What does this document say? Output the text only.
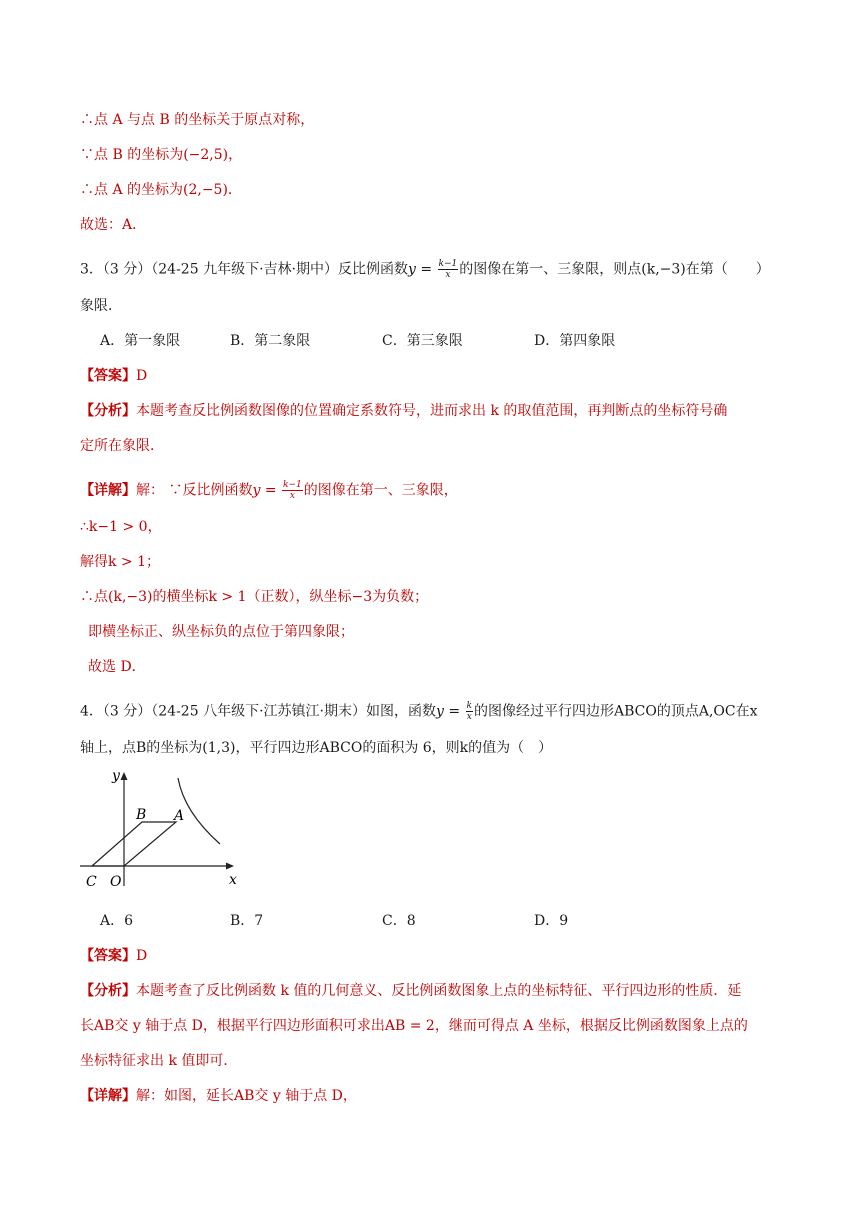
∴点 A 与点 B 的坐标关于原点对称，
∵点 B 的坐标为(−2,5)，
∴点 A 的坐标为(2,−5)．
故选：A．
3．（3 分）（24-25 九年级下·吉林·期中）反比例函数$y = \frac{k-1}{x}$ 的图像在第一、三象限，则点(k,−3)在第（　　）
象限．
A．第一象限	B．第二象限	C．第三象限	D．第四象限
【答案】D
【分析】本题考查反比例函数图像的位置确定系数符号，进而求出 k 的取值范围，再判断点的坐标符号确
定所在象限．
【详解】解： ∵反比例函数$y = \frac{k-1}{x}$ 的图像在第一、三象限，
∴k−1 > 0，
解得k > 1；
∴点(k,−3)的横坐标k > 1（正数），纵坐标−3为负数；
即横坐标正、纵坐标负的点位于第四象限；
故选 D．
4．（3 分）（24-25 八年级下·江苏镇江·期末）如图，函数$y = \frac{k}{x}$ 的图像经过平行四边形ABCO的顶点A,OC在x
轴上，点B的坐标为(1,3)，平行四边形ABCO的面积为 6，则k的值为（　）
y
x
B A
C O
A．6	B．7	C．8	D．9
【答案】D
【分析】本题考查了反比例函数 k 值的几何意义、反比例函数图象上点的坐标特征、平行四边形的性质．延
长AB交 y 轴于点 D，根据平行四边形面积可求出AB = 2，继而可得点 A 坐标，根据反比例函数图象上点的
坐标特征求出 k 值即可．
【详解】解：如图，延长AB交 y 轴于点 D，
